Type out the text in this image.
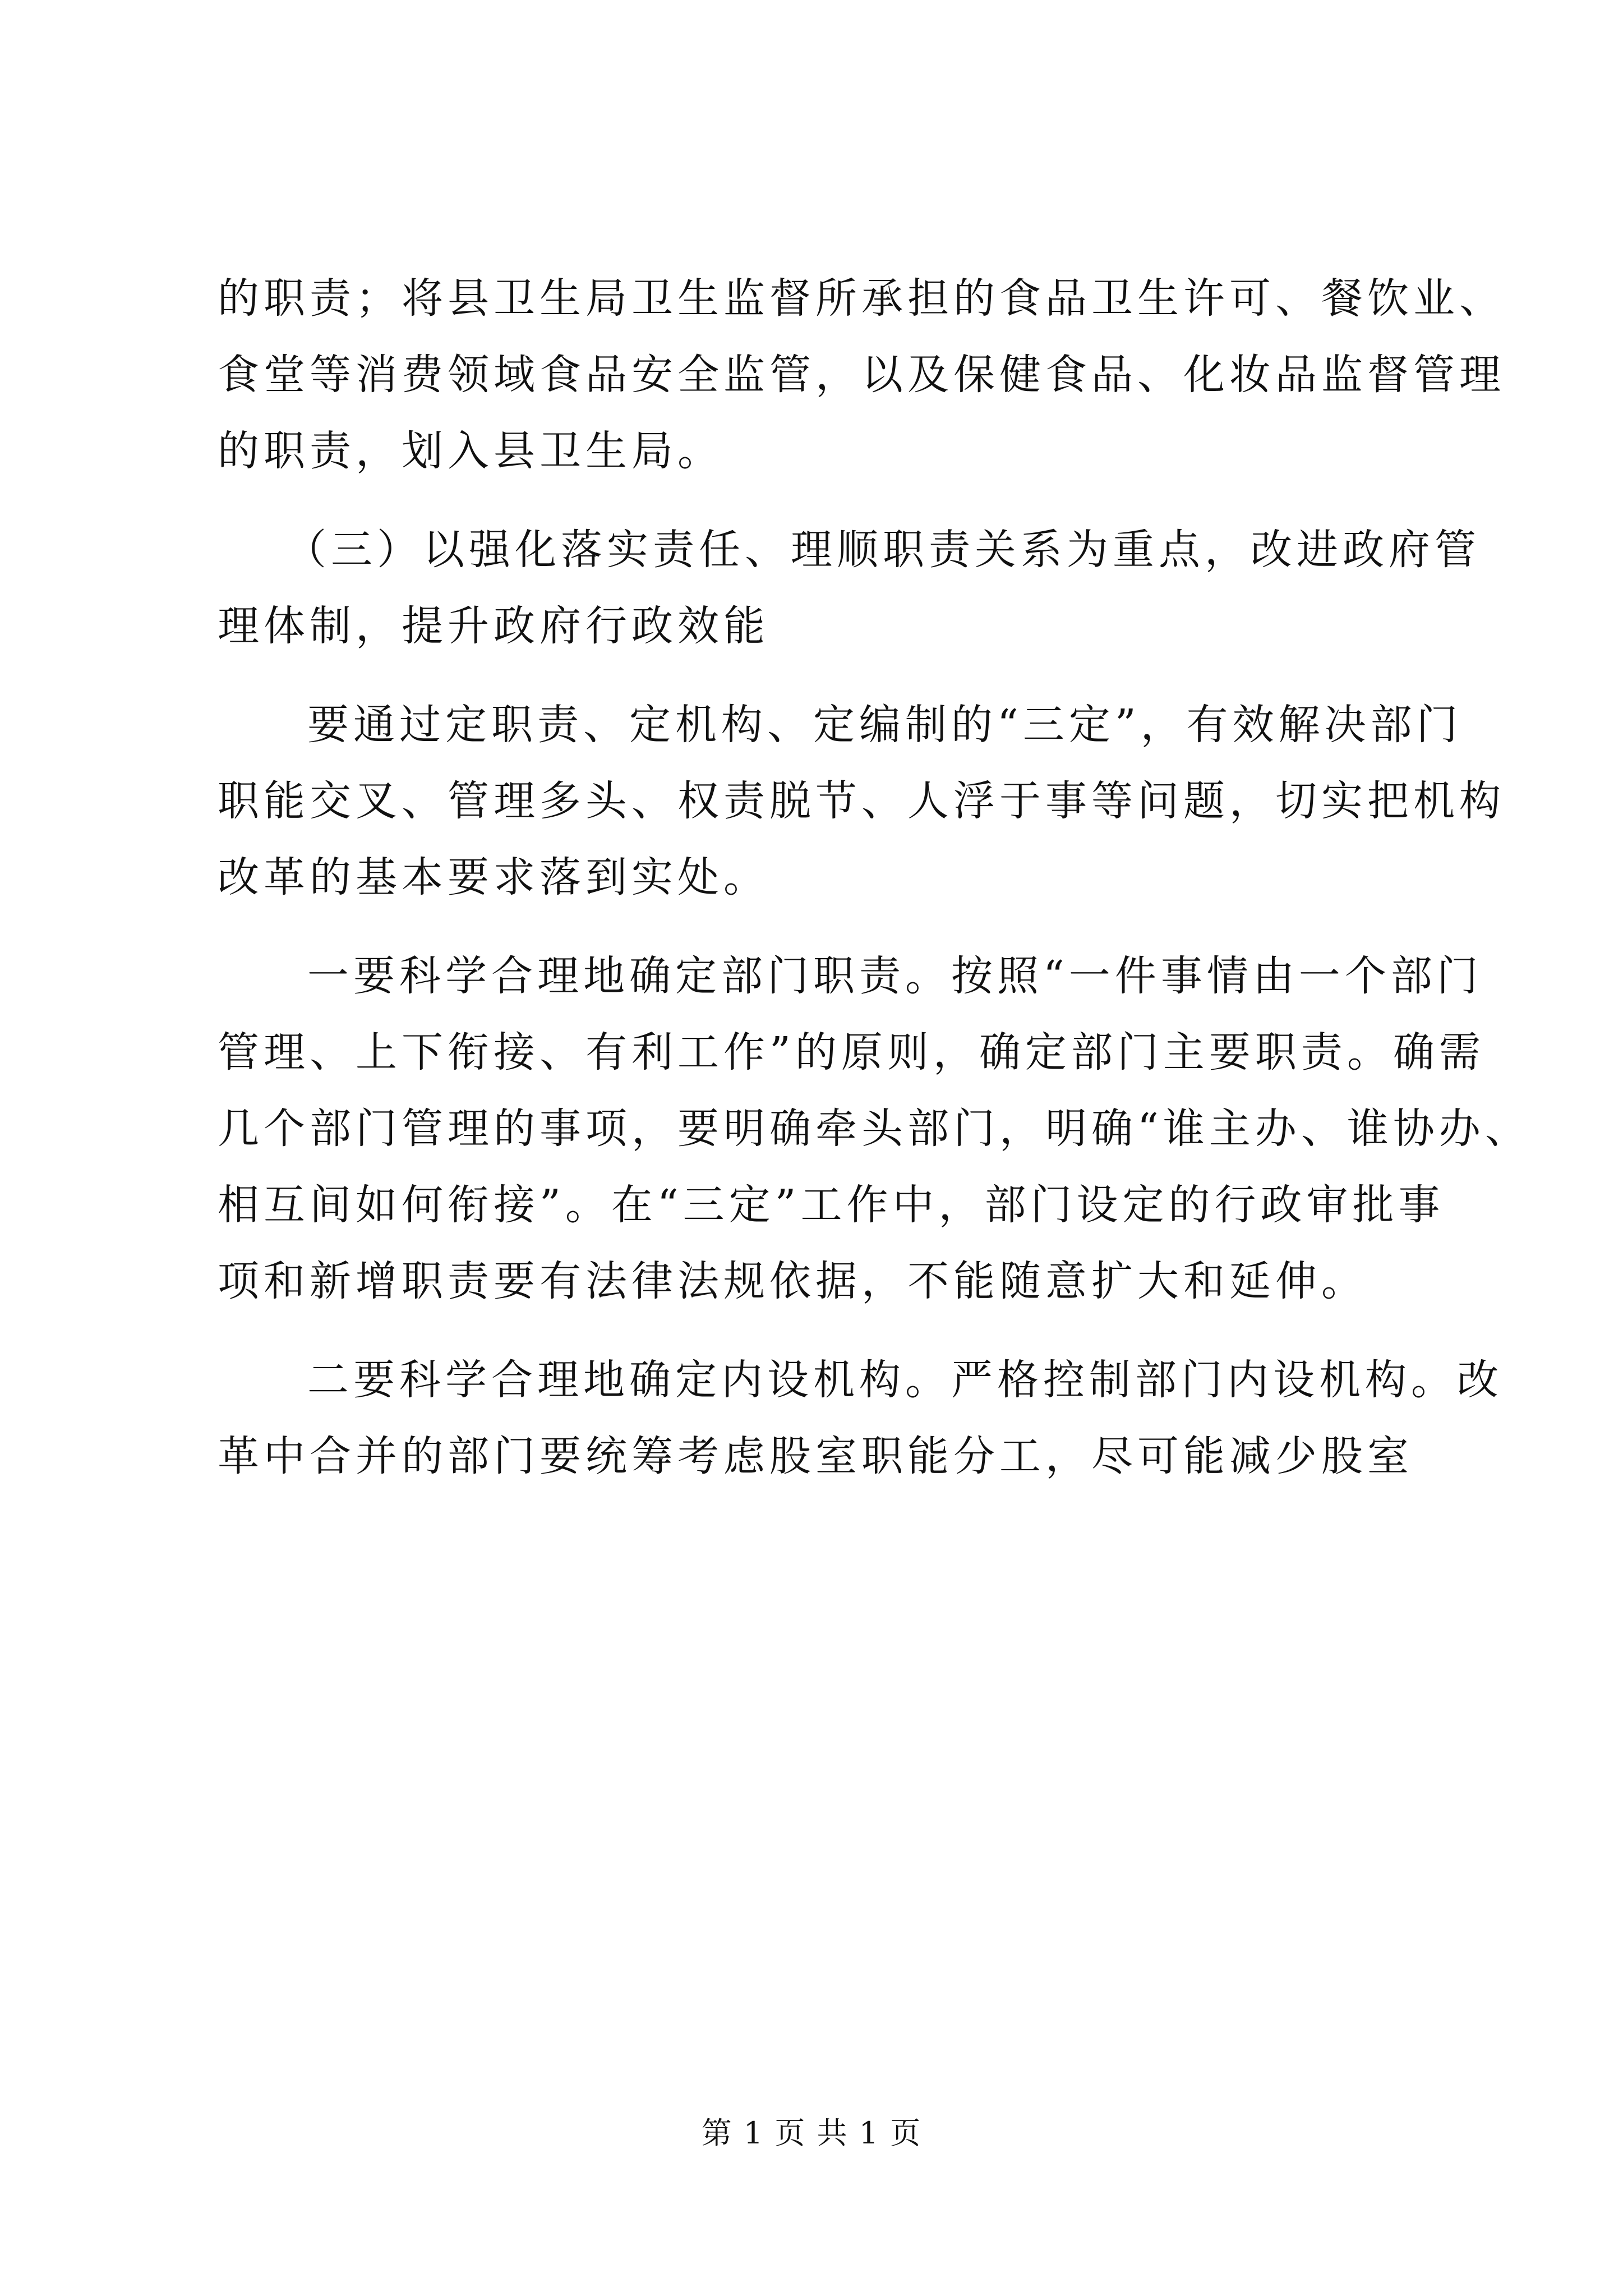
的职责；将县卫生局卫生监督所承担的食品卫生许可、餐饮业、
食堂等消费领域食品安全监管，以及保健食品、化妆品监督管理
的职责，划入县卫生局。
（三）以强化落实责任、理顺职责关系为重点，改进政府管
理体制，提升政府行政效能
要通过定职责、定机构、定编制的“三定”，有效解决部门
职能交叉、管理多头、权责脱节、人浮于事等问题，切实把机构
改革的基本要求落到实处。
一要科学合理地确定部门职责。按照“一件事情由一个部门
管理、上下衔接、有利工作”的原则，确定部门主要职责。确需
几个部门管理的事项，要明确牵头部门，明确“谁主办、谁协办、
相互间如何衔接”。在“三定”工作中，部门设定的行政审批事
项和新增职责要有法律法规依据，不能随意扩大和延伸。
二要科学合理地确定内设机构。严格控制部门内设机构。改
革中合并的部门要统筹考虑股室职能分工，尽可能减少股室
第 1 页 共 1 页
